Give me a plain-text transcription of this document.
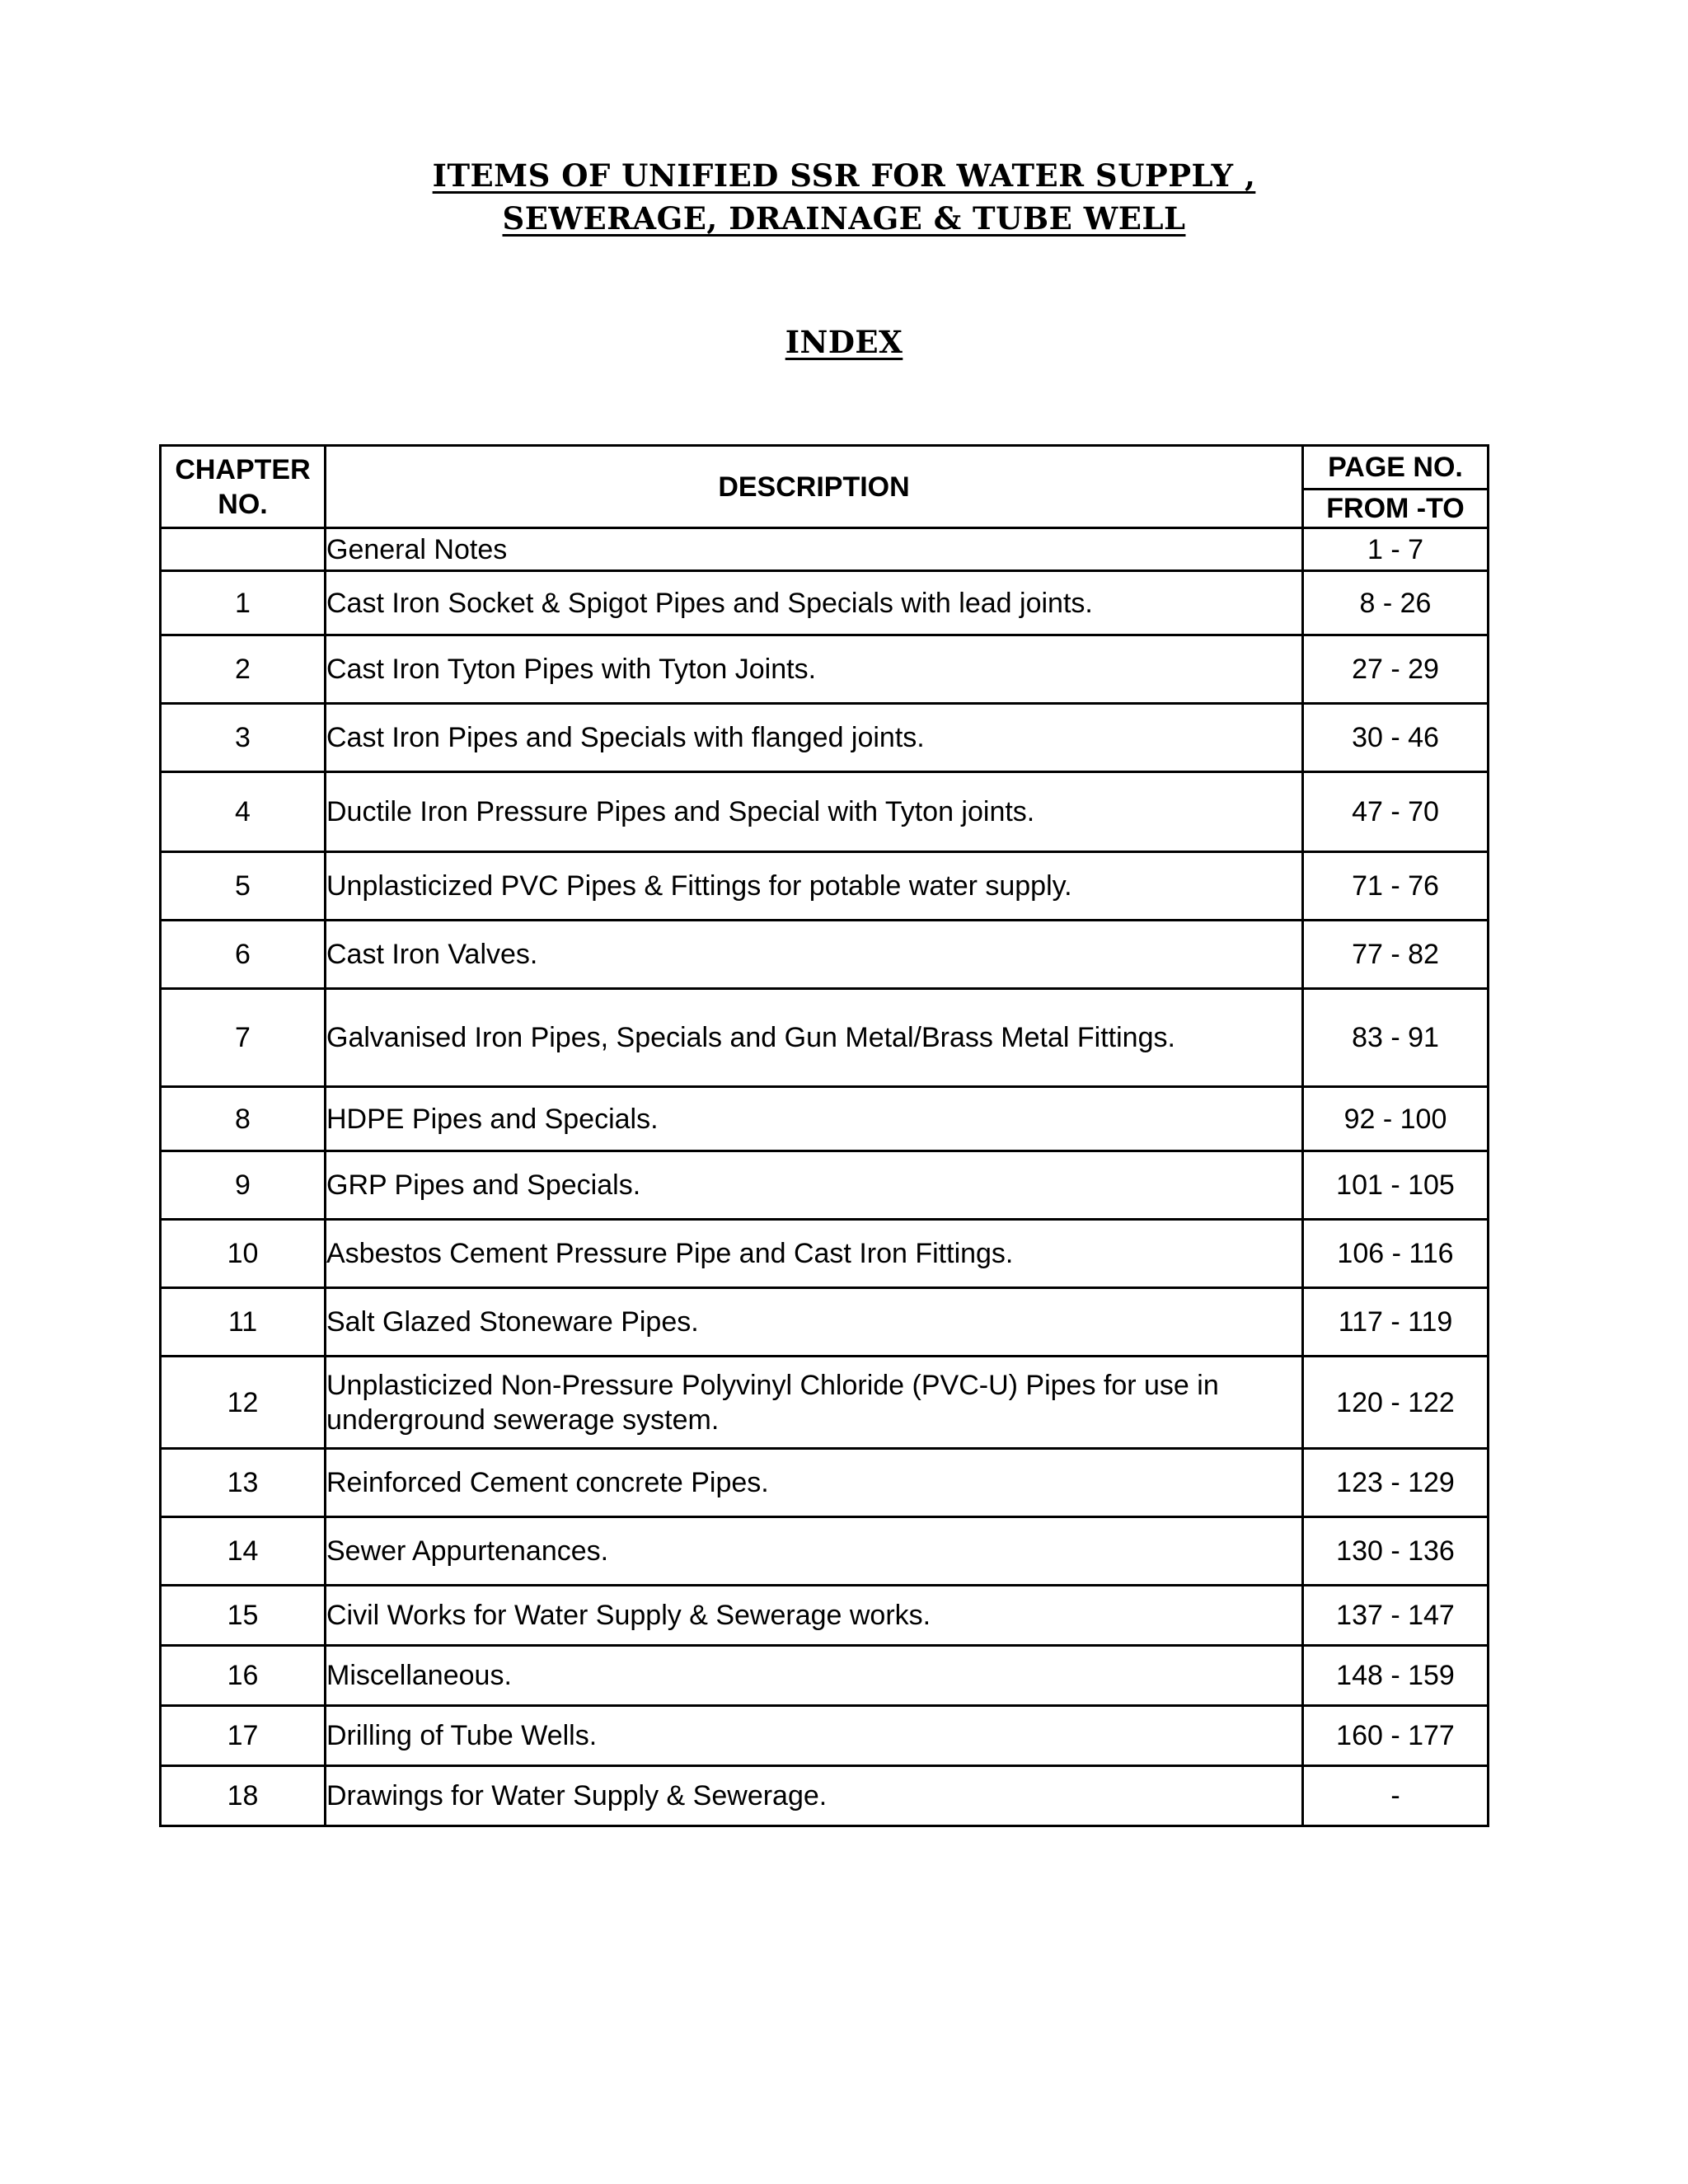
ITEMS OF UNIFIED SSR FOR WATER SUPPLY ,
SEWERAGE, DRAINAGE & TUBE WELL
INDEX
CHAPTER NO.	DESCRIPTION	PAGE NO.
		FROM -TO
	General Notes	1 - 7
1	Cast Iron Socket & Spigot Pipes and Specials with lead joints.	8 - 26
2	Cast Iron Tyton Pipes with Tyton Joints.	27 - 29
3	Cast Iron Pipes and Specials with flanged joints.	30 - 46
4	Ductile Iron Pressure Pipes and Special with Tyton joints.	47 - 70
5	Unplasticized PVC Pipes & Fittings for potable water supply.	71 - 76
6	Cast Iron Valves.	77 - 82
7	Galvanised Iron Pipes, Specials and Gun Metal/Brass Metal Fittings.	83 - 91
8	HDPE Pipes and Specials.	92 - 100
9	GRP Pipes and Specials.	101 - 105
10	Asbestos Cement Pressure Pipe and Cast Iron Fittings.	106 - 116
11	Salt Glazed Stoneware Pipes.	117 - 119
12	Unplasticized Non-Pressure Polyvinyl Chloride (PVC-U) Pipes for use in underground sewerage system.	120 - 122
13	Reinforced Cement concrete Pipes.	123 - 129
14	Sewer Appurtenances.	130 - 136
15	Civil Works for Water Supply & Sewerage works.	137 - 147
16	Miscellaneous.	148 - 159
17	Drilling of Tube Wells.	160 - 177
18	Drawings for Water Supply & Sewerage.	-
